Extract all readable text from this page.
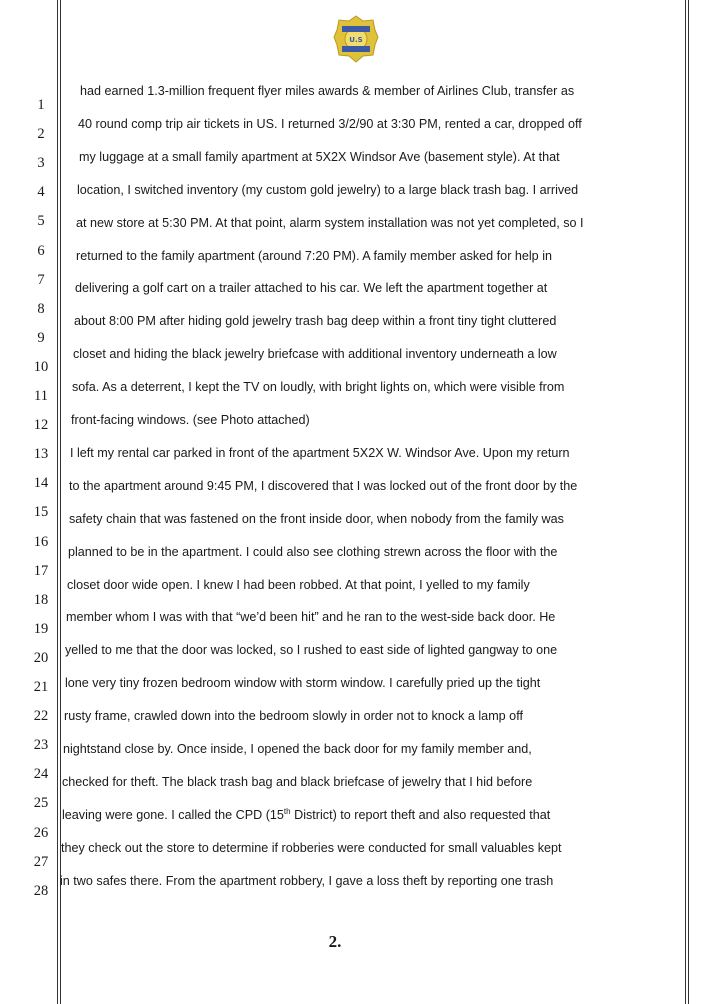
U.S
1
2
3
4
5
6
7
8
9
10
11
12
13
14
15
16
17
18
19
20
21
22
23
24
25
26
27
28
had earned 1.3-million frequent flyer miles awards & member of Airlines Club, transfer as
40 round comp trip air tickets in US. I returned 3/2/90 at 3:30 PM, rented a car, dropped off
my luggage at a small family apartment at 5X2X Windsor Ave (basement style). At that
location, I switched inventory (my custom gold jewelry) to a large black trash bag. I arrived
at new store at 5:30 PM. At that point, alarm system installation was not yet completed, so I
returned to the family apartment (around 7:20 PM). A family member asked for help in
delivering a golf cart on a trailer attached to his car. We left the apartment together at
about 8:00 PM after hiding gold jewelry trash bag deep within a front tiny tight cluttered
closet and hiding the black jewelry briefcase with additional inventory underneath a low
sofa. As a deterrent, I kept the TV on loudly, with bright lights on, which were visible from
front-facing windows. (see Photo attached)
I left my rental car parked in front of the apartment 5X2X W. Windsor Ave. Upon my return
to the apartment around 9:45 PM, I discovered that I was locked out of the front door by the
safety chain that was fastened on the front inside door, when nobody from the family was
planned to be in the apartment. I could also see clothing strewn across the floor with the
closet door wide open. I knew I had been robbed. At that point, I yelled to my family
member whom I was with that “we’d been hit” and he ran to the west-side back door. He
yelled to me that the door was locked, so I rushed to east side of lighted gangway to one
lone very tiny frozen bedroom window with storm window. I carefully pried up the tight
rusty frame, crawled down into the bedroom slowly in order not to knock a lamp off
nightstand close by. Once inside, I opened the back door for my family member and,
checked for theft. The black trash bag and black briefcase of jewelry that I hid before
leaving were gone. I called the CPD (15th District) to report theft and also requested that
they check out the store to determine if robberies were conducted for small valuables kept
in two safes there. From the apartment robbery, I gave a loss theft by reporting one trash
2.
